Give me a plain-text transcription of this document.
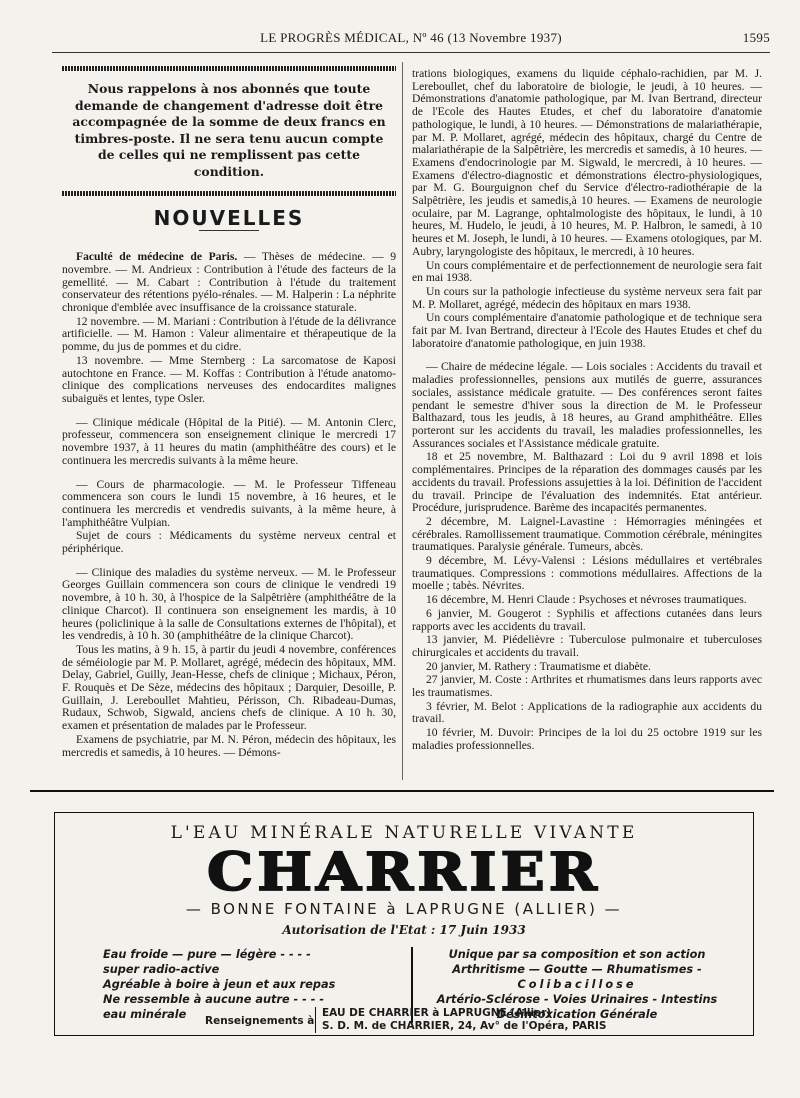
LE PROGRÈS MÉDICAL, Nº 46 (13 Novembre 1937)	1595
Nous rappelons à nos abonnés que toute demande de changement d'adresse doit être accompagnée de la somme de deux francs en timbres-poste. Il ne sera tenu aucun compte de celles qui ne remplissent pas cette condition.
NOUVELLES

Faculté de médecine de Paris. — Thèses de médecine. — 9 novembre. — M. Andrieux : Contribution à l'étude des facteurs de la gemellité. — M. Cabart : Contribution à l'étude du traitement conservateur des rétentions pyélo-rénales. — M. Halperin : La néphrite chronique d'emblée avec insuffisance de la croissance staturale.

12 novembre. — M. Mariani : Contribution à l'étude de la délivrance artificielle. — M. Hamon : Valeur alimentaire et thérapeutique de la pomme, du jus de pommes et du cidre.

13 novembre. — Mme Sternberg : La sarcomatose de Kaposi autochtone en France. — M. Koffas : Contribution à l'étude anatomo-clinique des complications nerveuses des endocardites malignes subaiguës et lentes, type Osler.

— Clinique médicale (Hôpital de la Pitié). — M. Antonin Clerc, professeur, commencera son enseignement clinique le mercredi 17 novembre 1937, à 11 heures du matin (amphithéâtre des cours) et le continuera les mercredis suivants à la même heure.

— Cours de pharmacologie. — M. le Professeur Tiffeneau commencera son cours le lundi 15 novembre, à 16 heures, et le continuera les mercredis et vendredis suivants, à la même heure, à l'amphithéâtre Vulpian.

Sujet de cours : Médicaments du système nerveux central et périphérique.

— Clinique des maladies du système nerveux. — M. le Professeur Georges Guillain commencera son cours de clinique le vendredi 19 novembre, à 10 h. 30, à l'hospice de la Salpêtrière (amphithéâtre de la clinique Charcot). Il continuera son enseignement les mardis, à 10 heures (policlinique à la salle de Consultations externes de l'hôpital), et les vendredis, à 10 h. 30 (amphithéâtre de la clinique Charcot).

Tous les matins, à 9 h. 15, à partir du jeudi 4 novembre, conférences de séméiologie par M. P. Mollaret, agrégé, médecin des hôpitaux, MM. Delay, Gabriel, Guilly, Jean-Hesse, chefs de clinique ; Michaux, Péron, F. Rouquès et De Sèze, médecins des hôpitaux ; Darquier, Desoille, P. Guillain, J. Lereboullet Mahtieu, Périsson, Ch. Ribadeau-Dumas, Rudaux, Schwob, Sigwald, anciens chefs de clinique. A 10 h. 30, examen et présentation de malades par le Professeur.

Examens de psychiatrie, par M. N. Péron, médecin des hôpitaux, les mercredis et samedis, à 10 heures. — Démons-

trations biologiques, examens du liquide céphalo-rachidien, par M. J. Lereboullet, chef du laboratoire de biologie, le jeudi, à 10 heures. — Démonstrations d'anatomie pathologique, par M. Ivan Bertrand, directeur de l'Ecole des Hautes Etudes, et chef du laboratoire d'anatomie pathologique, le lundi, à 10 heures. — Démonstrations de malariathérapie, par M. P. Mollaret, agrégé, médecin des hôpitaux, chargé du Centre de malariathérapie de la Salpêtrière, les mercredis et samedis, à 10 heures. — Examens d'endocrinologie par M. Sigwald, le mercredi, à 10 heures. — Examens d'électro-diagnostic et démonstrations électro-physiologiques, par M. G. Bourguignon chef du Service d'électro-radiothérapie de la Salpêtrière, les jeudis et samedis,à 10 heures. — Examens de neurologie oculaire, par M. Lagrange, ophtalmologiste des hôpitaux, le lundi, à 10 heures, M. Hudelo, le jeudi, à 10 heures, M. P. Halbron, le samedi, à 10 heures et M. Joseph, le lundi, à 10 heures. — Examens otologiques, par M. Aubry, laryngologiste des hôpitaux, le mercredi, à 10 heures.

Un cours complémentaire et de perfectionnement de neurologie sera fait en mai 1938.

Un cours sur la pathologie infectieuse du système nerveux sera fait par M. P. Mollaret, agrégé, médecin des hôpitaux en mars 1938.

Un cours complémentaire d'anatomie pathologique et de technique sera fait par M. Ivan Bertrand, directeur à l'Ecole des Hautes Etudes et chef du laboratoire d'anatomie pathologique, en juin 1938.

— Chaire de médecine légale. — Lois sociales : Accidents du travail et maladies professionnelles, pensions aux mutilés de guerre, assurances sociales, assistance médicale gratuite. — Des conférences seront faites pendant le semestre d'hiver sous la direction de M. le Professeur Balthazard, tous les jeudis, à 18 heures, au Grand amphithéâtre. Elles porteront sur les accidents du travail, les maladies professionnelles, les Assurances sociales et l'Assistance médicale gratuite.

18 et 25 novembre, M. Balthazard : Loi du 9 avril 1898 et lois complémentaires. Principes de la réparation des dommages causés par les accidents du travail. Professions assujetties à la loi. Définition de l'accident du travail. Principe de l'évaluation des indemnités. Etat antérieur. Procédure, jurisprudence. Barème des incapacités permanentes.

2 décembre, M. Laignel-Lavastine : Hémorragies méningées et cérébrales. Ramollissement traumatique. Commotion cérébrale, méningites traumatiques. Paralysie générale. Tumeurs, abcès.

9 décembre, M. Lévy-Valensi : Lésions médullaires et vertébrales traumatiques. Compressions : commotions médullaires. Affections de la moelle ; tabès. Névrites.

16 décembre, M. Henri Claude : Psychoses et névroses traumatiques.

6 janvier, M. Gougerot : Syphilis et affections cutanées dans leurs rapports avec les accidents du travail.

13 janvier, M. Piédelièvre : Tuberculose pulmonaire et tuberculoses chirurgicales et accidents du travail.

20 janvier, M. Rathery : Traumatisme et diabète.

27 janvier, M. Coste : Arthrites et rhumatismes dans leurs rapports avec les traumatismes.

3 février, M. Belot : Applications de la radiographie aux accidents du travail.

10 février, M. Duvoir: Principes de la loi du 25 octobre 1919 sur les maladies professionnelles.

L'EAU MINÉRALE NATURELLE VIVANTE
CHARRIER
— BONNE FONTAINE à LAPRUGNE (ALLIER) —
Autorisation de l'Etat : 17 Juin 1933
Eau froide — pure — légère - - - -
super radio-active
Agréable à boire à jeun et aux repas
Ne ressemble à aucune autre - - - -
eau minérale
Unique par sa composition et son action
Arthritisme — Goutte — Rhumatismes -
Colibacillose
Artério-Sclérose - Voies Urinaires - Intestins
Désintoxication Générale
Renseignements à
EAU DE CHARRIER à LAPRUGNE (Allier)
S. D. M. de CHARRIER, 24, Av° de l'Opéra, PARIS
